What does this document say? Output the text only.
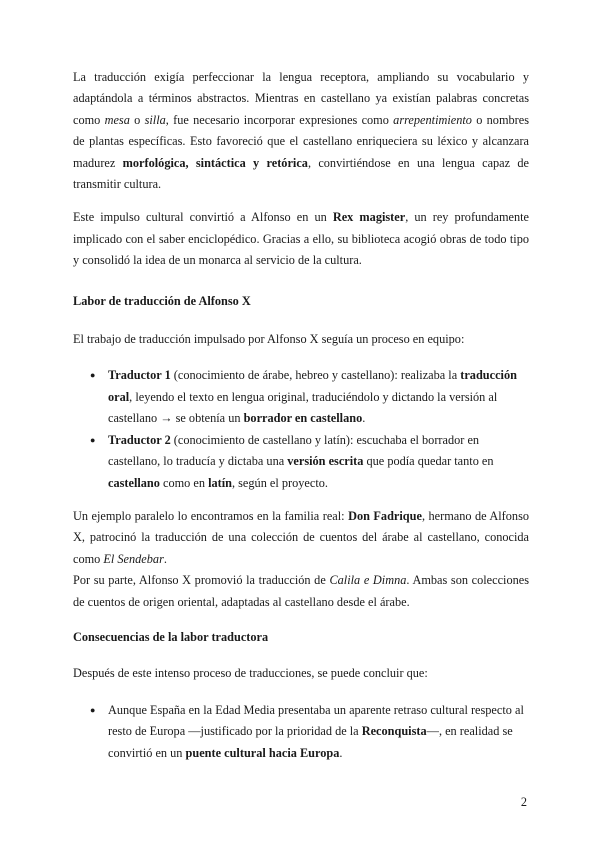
La traducción exigía perfeccionar la lengua receptora, ampliando su vocabulario y adaptándola a términos abstractos. Mientras en castellano ya existían palabras concretas como mesa o silla, fue necesario incorporar expresiones como arrepentimiento o nombres de plantas específicas. Esto favoreció que el castellano enriqueciera su léxico y alcanzara madurez morfológica, sintáctica y retórica, convirtiéndose en una lengua capaz de transmitir cultura.

Este impulso cultural convirtió a Alfonso en un Rex magister, un rey profundamente implicado con el saber enciclopédico. Gracias a ello, su biblioteca acogió obras de todo tipo y consolidó la idea de un monarca al servicio de la cultura.

Labor de traducción de Alfonso X

El trabajo de traducción impulsado por Alfonso X seguía un proceso en equipo:

● Traductor 1 (conocimiento de árabe, hebreo y castellano): realizaba la traducción oral, leyendo el texto en lengua original, traduciéndolo y dictando la versión al castellano → se obtenía un borrador en castellano.
● Traductor 2 (conocimiento de castellano y latín): escuchaba el borrador en castellano, lo traducía y dictaba una versión escrita que podía quedar tanto en castellano como en latín, según el proyecto.

Un ejemplo paralelo lo encontramos en la familia real: Don Fadrique, hermano de Alfonso X, patrocinó la traducción de una colección de cuentos del árabe al castellano, conocida como El Sendebar.

Por su parte, Alfonso X promovió la traducción de Calila e Dimna. Ambas son colecciones de cuentos de origen oriental, adaptadas al castellano desde el árabe.

Consecuencias de la labor traductora

Después de este intenso proceso de traducciones, se puede concluir que:

● Aunque España en la Edad Media presentaba un aparente retraso cultural respecto al resto de Europa —justificado por la prioridad de la Reconquista—, en realidad se convirtió en un puente cultural hacia Europa.
2
